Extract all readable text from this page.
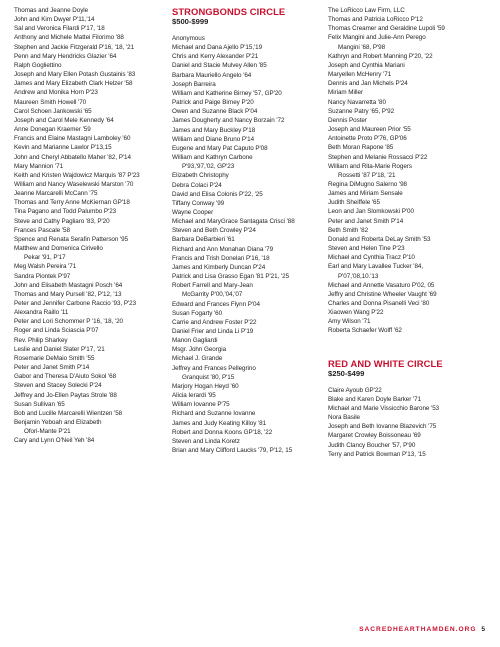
Thomas and Jeanne Doyle
John and Kim Dwyer P'11,'14
Sal and Veronica Filardi P'17, '18
Anthony and Michele Mattei Filorimo '88
Stephen and Jackie Fitzgerald P'16, '18, '21
Penn and Mary Hendricks Glazier '64
Ralph Gogliettino
Joseph and Mary Ellen Potash Gustainis '83
James and Mary Elizabeth Clark Helzer '58
Andrew and Monika Horn P'23
Maureen Smith Howell '70
Carol Schoen Jankowski '65
Joseph and Carol Mele Kennedy '64
Anne Donegan Kraemer '59
Francis and Elaine Mastagni Lamboley '60
Kevin and Marianne Lawlor P'13,15
John and Cheryl Abbatello Maher '82, P'14
Mary Mannion '71
Keith and Kristen Wajdowicz Marquis '87 P'23
William and Nancy Waselewski Marston '70
Jeanne Marcarelli McCann '75
Thomas and Terry Anne McKiernan GP'18
Tina Pagano and Todd Palumbo P'23
Steve and Cathy Pagliaro '83, P'20
Frances Pascale '58
Spence and Renata Serafin Patterson '95
Matthew and Domenica Cirivello
Pekar '91, P'17
Meg Walsh Pereira '71
Sandra Piontek P'97
John and Elisabeth Mastagni Posch '64
Thomas and Mary Pursell '82, P'12, '13
Peter and Jennifer Carbone Raccio '93, P'23
Alexandra Raillo '11
Peter and Lori Schommer P '16, '18, '20
Roger and Linda Sciascia P'07
Rev. Philip Sharkey
Leslie and Daniel Slater P'17, '21
Rosemarie DeMaio Smith '55
Peter and Janet Smith P'14
Gabor and Theresa D'Aiuto Sokol '68
Steven and Stacey Solecki P'24
Jeffrey and Jo-Ellen Paytas Strole '88
Susan Sullivan '65
Bob and Lucille Marcarelli Wientzen '58
Benjamin Yeboah and Elizabeth
Ofori-Mante P'21
Cary and Lynn O'Neil Yeh '84
STRONGBONDS CIRCLE
$500-$999
Anonymous
Michael and Dana Ajello P'15,'19
Chris and Kerry Alexander P'21
Daniel and Stacie Mulvey Allen '85
Barbara Mauriello Angelo '64
Joseph Barreira
William and Katherine Birney '57, GP'20
Patrick and Paige Birney P'20
Owen and Suzanne Black P'04
James Dougherty and Nancy Borzain '72
James and Mary Buckley P'18
William and Diane Bruno P'14
Eugene and Mary Pat Caputo P'08
William and Kathryn Carbone
P'93,'97,'02, GP'23
Elizabeth Christophy
Debra Colaci P'24
David and Elisa Colonis P'22, '25
Tiffany Conway '99
Wayne Cooper
Michael and MaryGrace Santagata Crisci '88
Steven and Beth Crowley P'24
Barbara DeBarbieri '61
Richard and Ann Monahan Diana '79
Francis and Trish Donelan P'16, '18
James and Kimberly Duncan P'24
Patrick and Lisa Grasso Egan '81 P'21, '25
Robert Farrell and Mary-Jean
McGarrity P'00,'04,'07
Edward and Frances Flynn P'04
Susan Fogarty '60
Carrie and Andrew Foster P'22
Daniel Frier and Linda Li P'19
Manon Gagliardi
Msgr. John Georgia
Michael J. Grande
Jeffrey and Frances Pellegrino
Granquist '80, P'15
Marjory Hogan Heyd '60
Alicia Ierardi '95
William Iovanne P'75
Richard and Suzanne Iovanne
James and Judy Keating Killoy '81
Robert and Donna Koons GP'18, '22
Steven and Linda Koretz
Brian and Mary Clifford Laucks '79, P'12, 15
The LoRicco Law Firm, LLC
Thomas and Patricia LoRicco P'12
Thomas Creamer and Geraldine Lupoli '59
Felix Mangini and Julie-Ann Perego
Mangini '68, P'98
Kathryn and Robert Manning P'20, '22
Joseph and Cynthia Mariani
Maryellen McHenry '71
Dennis and Jan Michels P'24
Miriam Miller
Nancy Navarretta '80
Suzanne Patry '65, P'92
Dennis Poster
Joseph and Maureen Prior '55
Antoinette Proto P'76, GP'06
Beth Moran Rapone '85
Stephen and Melanie Rossacci P'22
William and Rita-Marie Rogers
Rossetti '87 P'18, '21
Regina DiMugno Salerno '98
James and Miriam Sensale
Judith Sheiffele '65
Leon and Jan Slomkowski P'00
Peter and Janet Smith P'14
Beth Smith '82
Donald and Roberta DeLay Smith '53
Steven and Helen Tine P'23
Michael and Cynthia Tracz P'10
Earl and Mary Lavallee Tucker '84,
P'07,'08,10.'13
Michael and Annette Vasaturo P'02, 05
Jeffry and Christine Wheeler Vaught '69
Charles and Donna Pisanelli Veci '80
Xiaowen Wang P'22
Amy Wilson '71
Roberta Schaefer Wolff '62
RED AND WHITE CIRCLE
$250-$499
Claire Ayoub GP'22
Blake and Karen Doyle Barker '71
Michael and Marie Vissicchio Barone '53
Nora Basile
Joseph and Beth Iovanne Blazevich '75
Margaret Crowley Boissoneau '69
Judith Clancy Boucher '57, P'90
Terry and Patrick Bowman P'13, '15
SACREDHEARTHAMDEN.ORG 5
